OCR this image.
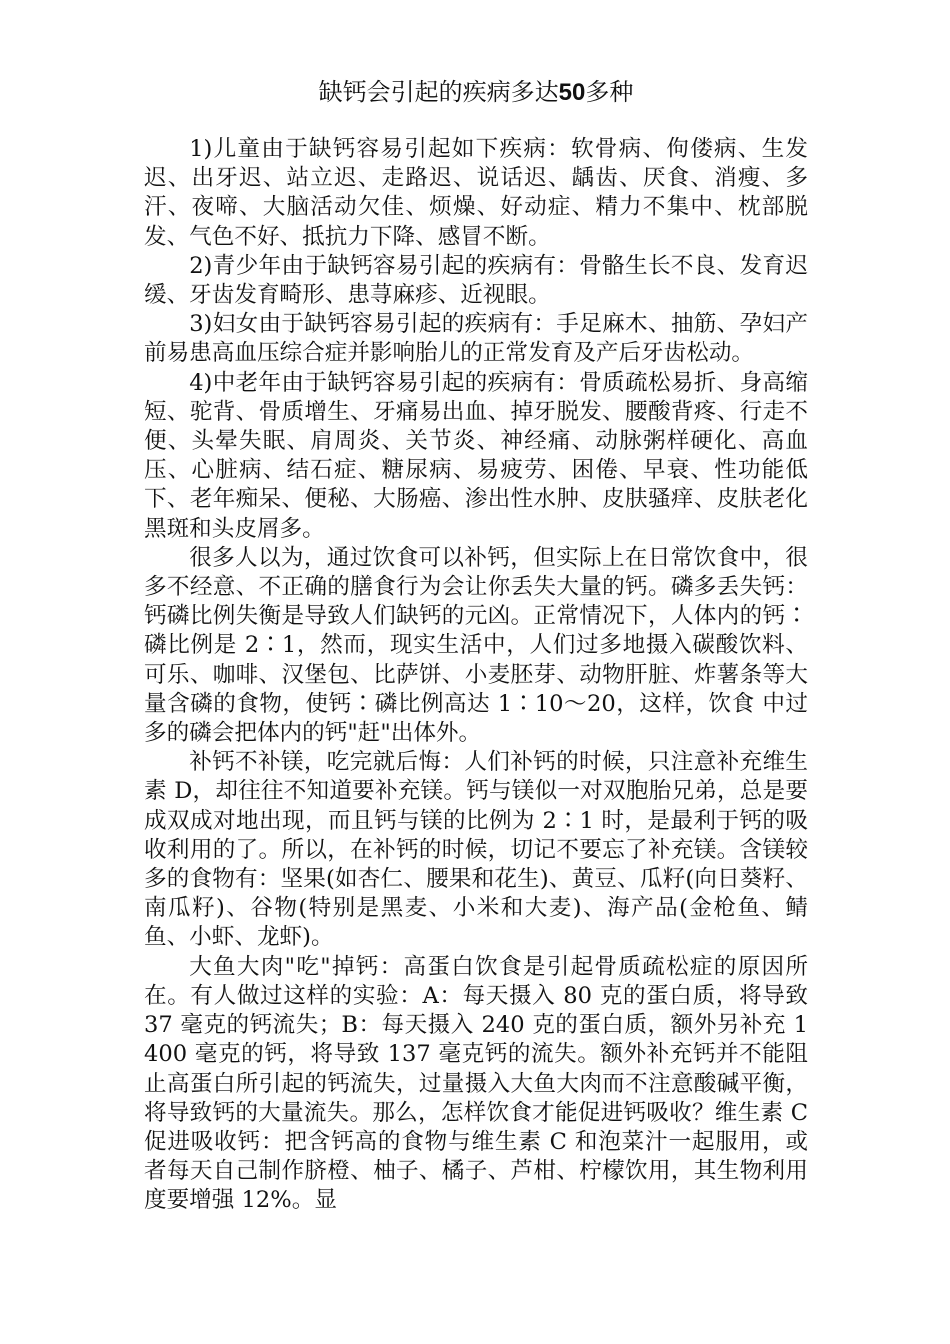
缺钙会引起的疾病多达50多种

1)儿童由于缺钙容易引起如下疾病：软骨病、佝偻病、生发迟、出牙迟、站立迟、走路迟、说话迟、龋齿、厌食、消瘦、多汗、夜啼、大脑活动欠佳、烦燥、好动症、精力不集中、枕部脱发、气色不好、抵抗力下降、感冒不断。

2)青少年由于缺钙容易引起的疾病有：骨骼生长不良、发育迟缓、牙齿发育畸形、患荨麻疹、近视眼。

3)妇女由于缺钙容易引起的疾病有：手足麻木、抽筋、孕妇产前易患高血压综合症并影响胎儿的正常发育及产后牙齿松动。

4)中老年由于缺钙容易引起的疾病有：骨质疏松易折、身高缩短、驼背、骨质增生、牙痛易出血、掉牙脱发、腰酸背疼、行走不便、头晕失眠、肩周炎、关节炎、神经痛、动脉粥样硬化、高血压、心脏病、结石症、糖尿病、易疲劳、困倦、早衰、性功能低下、老年痴呆、便秘、大肠癌、渗出性水肿、皮肤骚痒、皮肤老化黑斑和头皮屑多。

很多人以为，通过饮食可以补钙，但实际上在日常饮食中，很多不经意、不正确的膳食行为会让你丢失大量的钙。磷多丢失钙：钙磷比例失衡是导致人们缺钙的元凶。正常情况下，人体内的钙∶磷比例是 2∶1，然而，现实生活中，人们过多地摄入碳酸饮料、可乐、咖啡、汉堡包、比萨饼、小麦胚芽、动物肝脏、炸薯条等大量含磷的食物，使钙∶磷比例高达 1∶10～20，这样，饮食 中过多的磷会把体内的钙"赶"出体外。

补钙不补镁，吃完就后悔：人们补钙的时候，只注意补充维生素 D，却往往不知道要补充镁。钙与镁似一对双胞胎兄弟，总是要成双成对地出现，而且钙与镁的比例为 2∶1 时，是最利于钙的吸收利用的了。所以，在补钙的时候，切记不要忘了补充镁。含镁较多的食物有：坚果(如杏仁、腰果和花生)、黄豆、瓜籽(向日葵籽、南瓜籽)、谷物(特别是黑麦、小米和大麦)、海产品(金枪鱼、鲭鱼、小虾、龙虾)。

大鱼大肉"吃"掉钙：高蛋白饮食是引起骨质疏松症的原因所在。有人做过这样的实验：A：每天摄入 80 克的蛋白质，将导致 37 毫克的钙流失；B：每天摄入 240 克的蛋白质，额外另补充 1400 毫克的钙，将导致 137 毫克钙的流失。额外补充钙并不能阻止高蛋白所引起的钙流失，过量摄入大鱼大肉而不注意酸碱平衡，将导致钙的大量流失。那么，怎样饮食才能促进钙吸收？维生素 C 促进吸收钙：把含钙高的食物与维生素 C 和泡菜汁一起服用，或者每天自己制作脐橙、柚子、橘子、芦柑、柠檬饮用，其生物利用度要增强 12%。显
